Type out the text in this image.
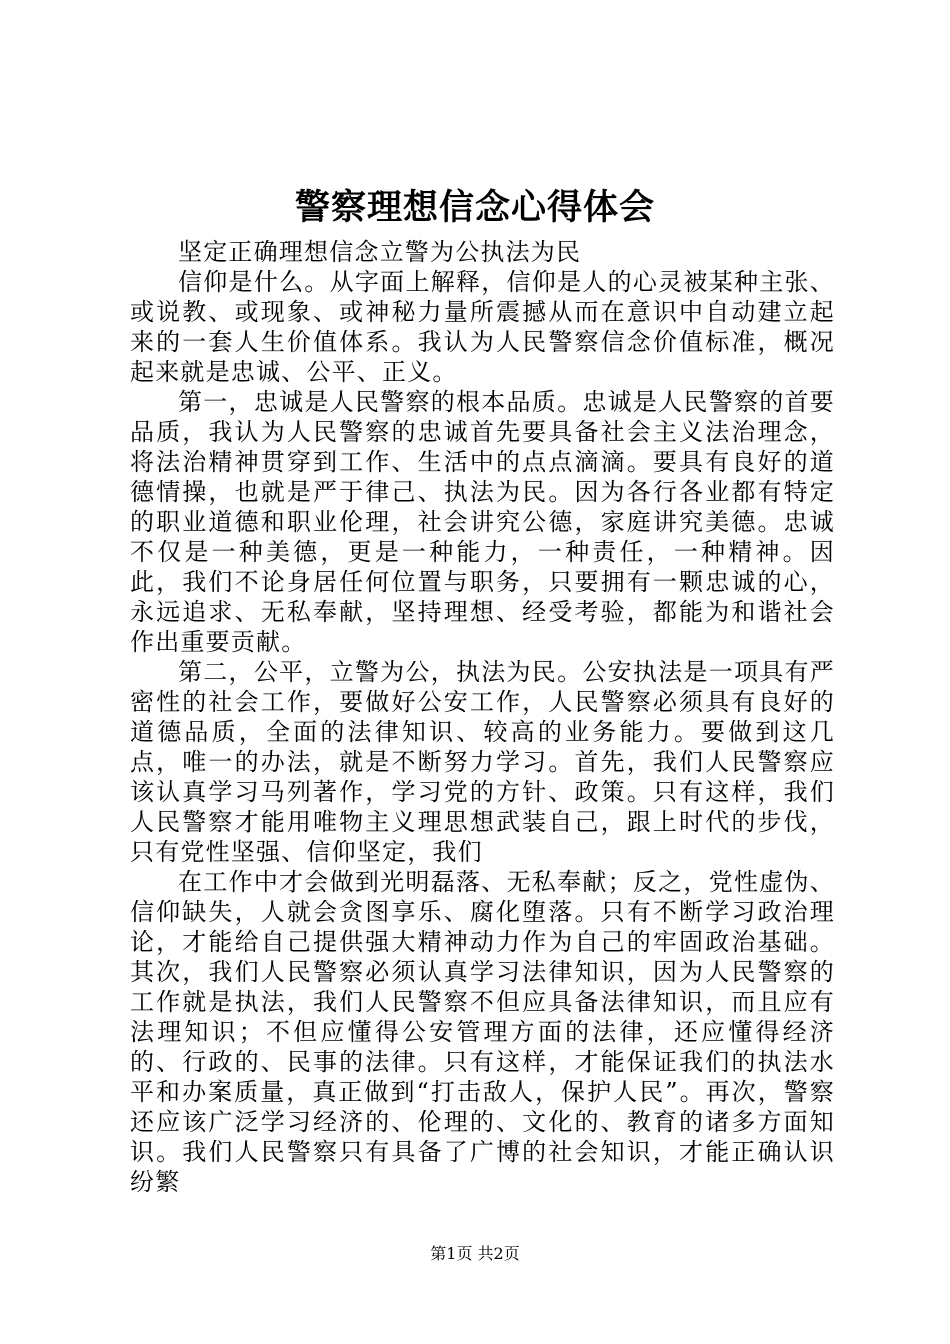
警察理想信念心得体会

坚定正确理想信念立警为公执法为民

信仰是什么。从字面上解释，信仰是人的心灵被某种主张、或说教、或现象、或神秘力量所震撼从而在意识中自动建立起来的一套人生价值体系。我认为人民警察信念价值标准，概况起来就是忠诚、公平、正义。

第一，忠诚是人民警察的根本品质。忠诚是人民警察的首要品质，我认为人民警察的忠诚首先要具备社会主义法治理念，将法治精神贯穿到工作、生活中的点点滴滴。要具有良好的道德情操，也就是严于律己、执法为民。因为各行各业都有特定的职业道德和职业伦理，社会讲究公德，家庭讲究美德。忠诚不仅是一种美德，更是一种能力，一种责任，一种精神。因此，我们不论身居任何位置与职务，只要拥有一颗忠诚的心，永远追求、无私奉献，坚持理想、经受考验，都能为和谐社会作出重要贡献。

第二，公平，立警为公，执法为民。公安执法是一项具有严密性的社会工作，要做好公安工作，人民警察必须具有良好的道德品质，全面的法律知识、较高的业务能力。要做到这几点，唯一的办法，就是不断努力学习。首先，我们人民警察应该认真学习马列著作，学习党的方针、政策。只有这样，我们人民警察才能用唯物主义理思想武装自己，跟上时代的步伐，只有党性坚强、信仰坚定，我们

在工作中才会做到光明磊落、无私奉献；反之，党性虚伪、信仰缺失，人就会贪图享乐、腐化堕落。只有不断学习政治理论，才能给自己提供强大精神动力作为自己的牢固政治基础。其次，我们人民警察必须认真学习法律知识，因为人民警察的工作就是执法，我们人民警察不但应具备法律知识，而且应有法理知识；不但应懂得公安管理方面的法律，还应懂得经济的、行政的、民事的法律。只有这样，才能保证我们的执法水平和办案质量，真正做到“打击敌人，保护人民”。再次，警察还应该广泛学习经济的、伦理的、文化的、教育的诸多方面知识。我们人民警察只有具备了广博的社会知识，才能正确认识纷繁

第1页 共2页
